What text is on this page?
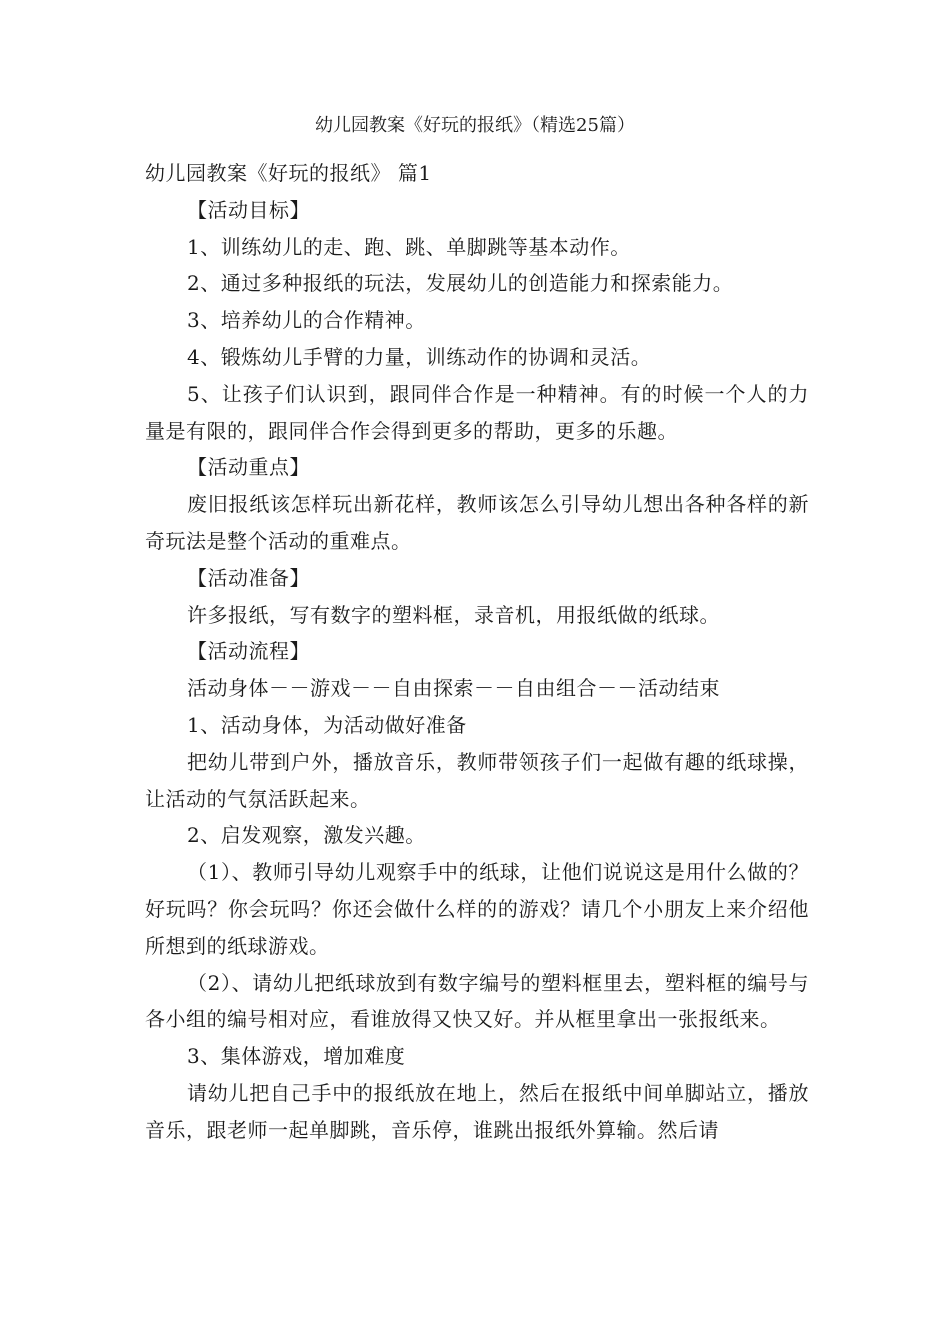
幼儿园教案《好玩的报纸》（精选25篇）

幼儿园教案《好玩的报纸》 篇1

【活动目标】

1、训练幼儿的走、跑、跳、单脚跳等基本动作。

2、通过多种报纸的玩法，发展幼儿的创造能力和探索能力。

3、培养幼儿的合作精神。

4、锻炼幼儿手臂的力量，训练动作的协调和灵活。

5、让孩子们认识到，跟同伴合作是一种精神。有的时候一个人的力量是有限的，跟同伴合作会得到更多的帮助，更多的乐趣。

【活动重点】

废旧报纸该怎样玩出新花样，教师该怎么引导幼儿想出各种各样的新奇玩法是整个活动的重难点。

【活动准备】

许多报纸，写有数字的塑料框，录音机，用报纸做的纸球。

【活动流程】

活动身体－－游戏－－自由探索－－自由组合－－活动结束

1、活动身体，为活动做好准备

把幼儿带到户外，播放音乐，教师带领孩子们一起做有趣的纸球操，让活动的气氛活跃起来。

2、启发观察，激发兴趣。

（1）、教师引导幼儿观察手中的纸球，让他们说说这是用什么做的？好玩吗？你会玩吗？你还会做什么样的的游戏？请几个小朋友上来介绍他所想到的纸球游戏。

（2）、请幼儿把纸球放到有数字编号的塑料框里去，塑料框的编号与各小组的编号相对应，看谁放得又快又好。并从框里拿出一张报纸来。

3、集体游戏，增加难度

请幼儿把自己手中的报纸放在地上，然后在报纸中间单脚站立，播放音乐，跟老师一起单脚跳，音乐停，谁跳出报纸外算输。然后请
